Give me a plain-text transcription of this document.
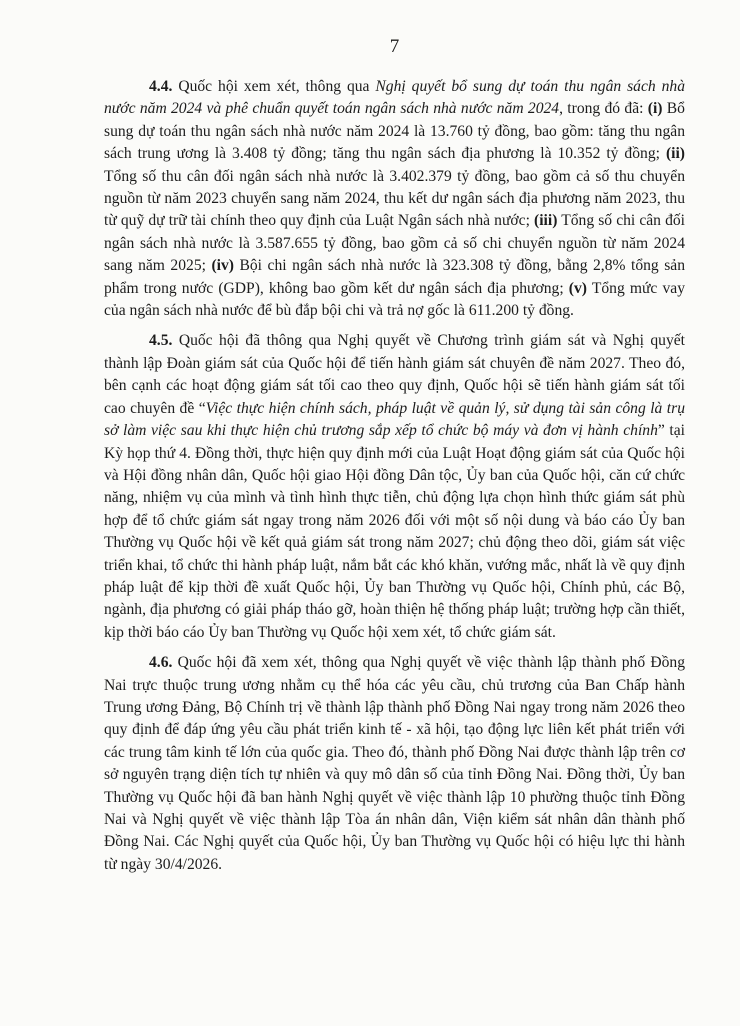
7

4.4. Quốc hội xem xét, thông qua Nghị quyết bổ sung dự toán thu ngân sách nhà nước năm 2024 và phê chuẩn quyết toán ngân sách nhà nước năm 2024, trong đó đã: (i) Bổ sung dự toán thu ngân sách nhà nước năm 2024 là 13.760 tỷ đồng, bao gồm: tăng thu ngân sách trung ương là 3.408 tỷ đồng; tăng thu ngân sách địa phương là 10.352 tỷ đồng; (ii) Tổng số thu cân đối ngân sách nhà nước là 3.402.379 tỷ đồng, bao gồm cả số thu chuyển nguồn từ năm 2023 chuyển sang năm 2024, thu kết dư ngân sách địa phương năm 2023, thu từ quỹ dự trữ tài chính theo quy định của Luật Ngân sách nhà nước; (iii) Tổng số chi cân đối ngân sách nhà nước là 3.587.655 tỷ đồng, bao gồm cả số chi chuyển nguồn từ năm 2024 sang năm 2025; (iv) Bội chi ngân sách nhà nước là 323.308 tỷ đồng, bằng 2,8% tổng sản phẩm trong nước (GDP), không bao gồm kết dư ngân sách địa phương; (v) Tổng mức vay của ngân sách nhà nước để bù đắp bội chi và trả nợ gốc là 611.200 tỷ đồng.

4.5. Quốc hội đã thông qua Nghị quyết về Chương trình giám sát và Nghị quyết thành lập Đoàn giám sát của Quốc hội để tiến hành giám sát chuyên đề năm 2027. Theo đó, bên cạnh các hoạt động giám sát tối cao theo quy định, Quốc hội sẽ tiến hành giám sát tối cao chuyên đề “Việc thực hiện chính sách, pháp luật về quản lý, sử dụng tài sản công là trụ sở làm việc sau khi thực hiện chủ trương sắp xếp tổ chức bộ máy và đơn vị hành chính” tại Kỳ họp thứ 4. Đồng thời, thực hiện quy định mới của Luật Hoạt động giám sát của Quốc hội và Hội đồng nhân dân, Quốc hội giao Hội đồng Dân tộc, Ủy ban của Quốc hội, căn cứ chức năng, nhiệm vụ của mình và tình hình thực tiễn, chủ động lựa chọn hình thức giám sát phù hợp để tổ chức giám sát ngay trong năm 2026 đối với một số nội dung và báo cáo Ủy ban Thường vụ Quốc hội về kết quả giám sát trong năm 2027; chủ động theo dõi, giám sát việc triển khai, tổ chức thi hành pháp luật, nắm bắt các khó khăn, vướng mắc, nhất là về quy định pháp luật để kịp thời đề xuất Quốc hội, Ủy ban Thường vụ Quốc hội, Chính phủ, các Bộ, ngành, địa phương có giải pháp tháo gỡ, hoàn thiện hệ thống pháp luật; trường hợp cần thiết, kịp thời báo cáo Ủy ban Thường vụ Quốc hội xem xét, tổ chức giám sát.

4.6. Quốc hội đã xem xét, thông qua Nghị quyết về việc thành lập thành phố Đồng Nai trực thuộc trung ương nhằm cụ thể hóa các yêu cầu, chủ trương của Ban Chấp hành Trung ương Đảng, Bộ Chính trị về thành lập thành phố Đồng Nai ngay trong năm 2026 theo quy định để đáp ứng yêu cầu phát triển kinh tế - xã hội, tạo động lực liên kết phát triển với các trung tâm kinh tế lớn của quốc gia. Theo đó, thành phố Đồng Nai được thành lập trên cơ sở nguyên trạng diện tích tự nhiên và quy mô dân số của tỉnh Đồng Nai. Đồng thời, Ủy ban Thường vụ Quốc hội đã ban hành Nghị quyết về việc thành lập 10 phường thuộc tỉnh Đồng Nai và Nghị quyết về việc thành lập Tòa án nhân dân, Viện kiểm sát nhân dân thành phố Đồng Nai. Các Nghị quyết của Quốc hội, Ủy ban Thường vụ Quốc hội có hiệu lực thi hành từ ngày 30/4/2026.
